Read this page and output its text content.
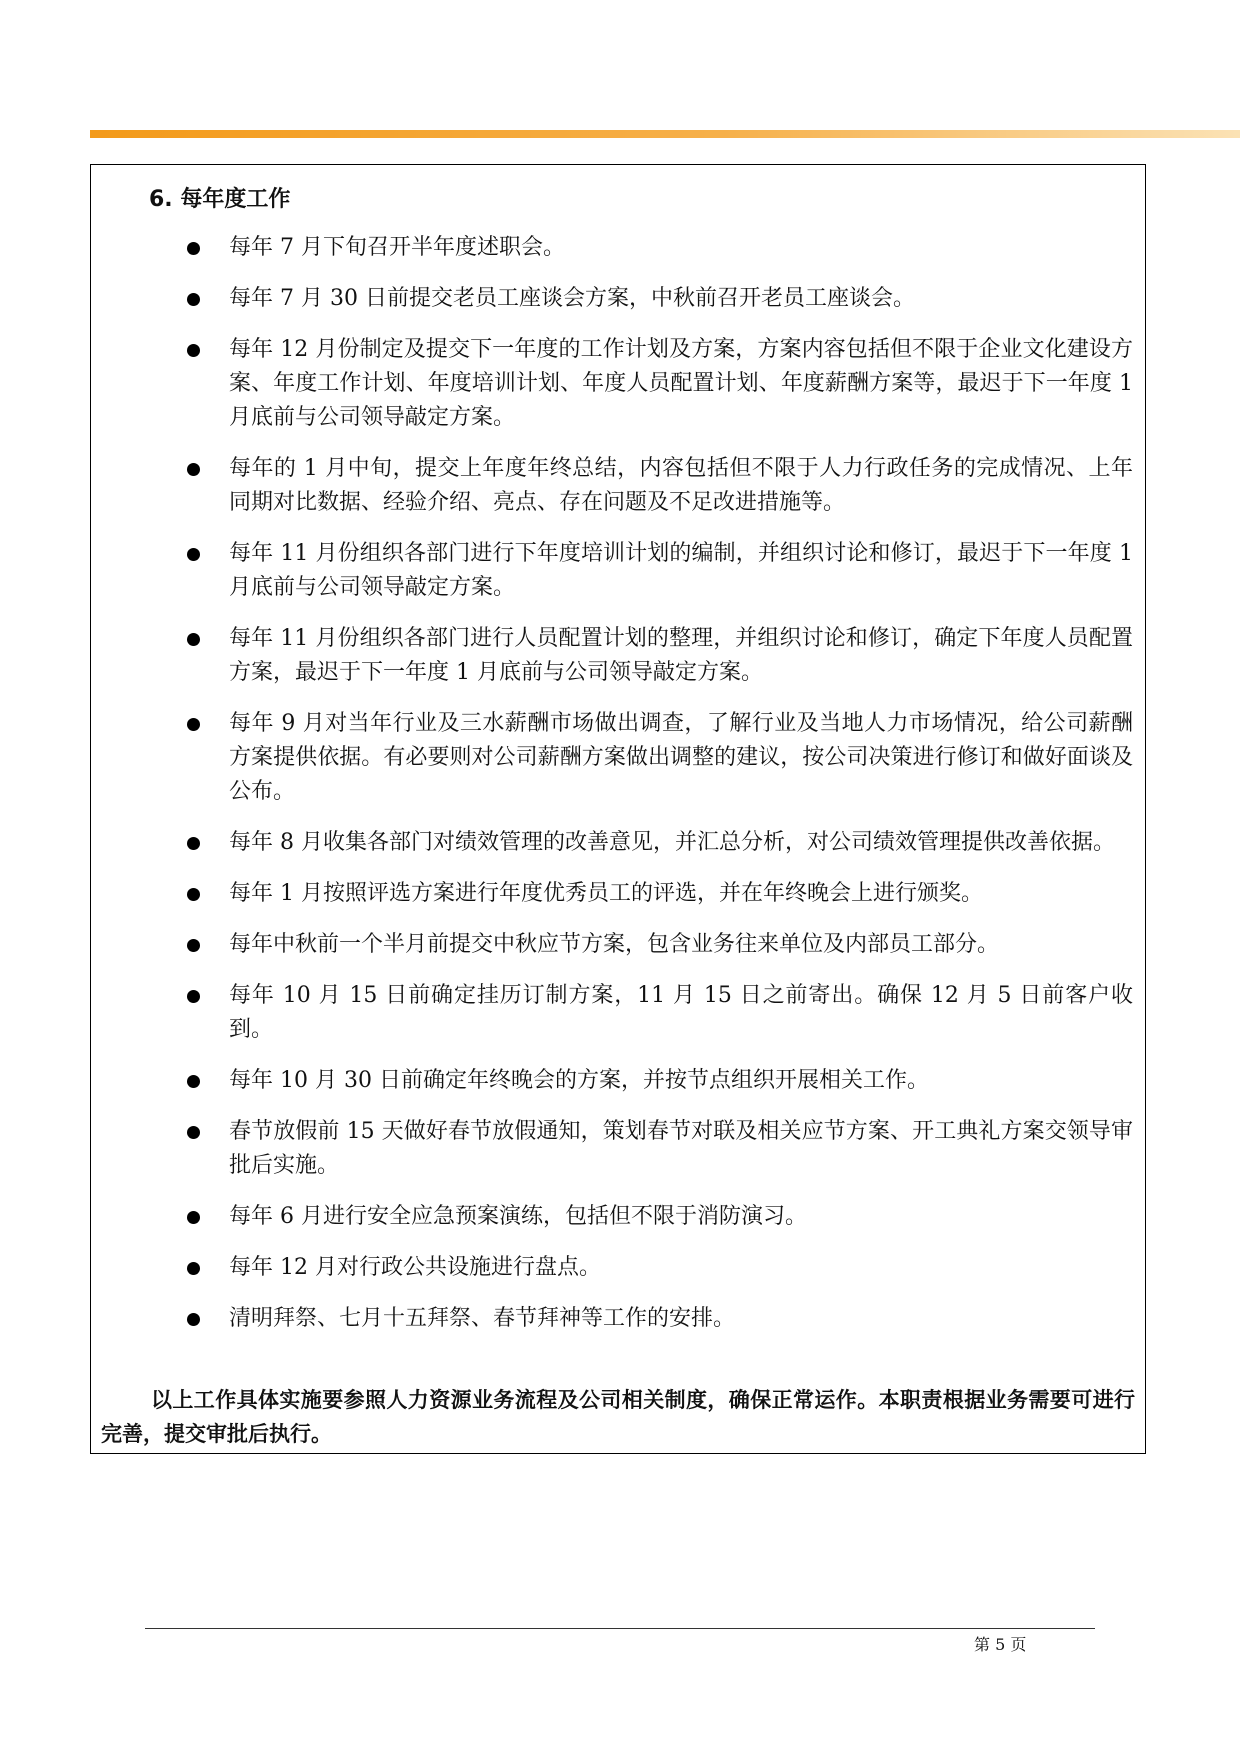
6. 每年度工作
每年 7 月下旬召开半年度述职会。
每年 7 月 30 日前提交老员工座谈会方案，中秋前召开老员工座谈会。
每年 12 月份制定及提交下一年度的工作计划及方案，方案内容包括但不限于企业文化建设方案、年度工作计划、年度培训计划、年度人员配置计划、年度薪酬方案等，最迟于下一年度 1 月底前与公司领导敲定方案。
每年的 1 月中旬，提交上年度年终总结，内容包括但不限于人力行政任务的完成情况、上年同期对比数据、经验介绍、亮点、存在问题及不足改进措施等。
每年 11 月份组织各部门进行下年度培训计划的编制，并组织讨论和修订，最迟于下一年度 1 月底前与公司领导敲定方案。
每年 11 月份组织各部门进行人员配置计划的整理，并组织讨论和修订，确定下年度人员配置方案，最迟于下一年度 1 月底前与公司领导敲定方案。
每年 9 月对当年行业及三水薪酬市场做出调查，了解行业及当地人力市场情况，给公司薪酬方案提供依据。有必要则对公司薪酬方案做出调整的建议，按公司决策进行修订和做好面谈及公布。
每年 8 月收集各部门对绩效管理的改善意见，并汇总分析，对公司绩效管理提供改善依据。
每年 1 月按照评选方案进行年度优秀员工的评选，并在年终晚会上进行颁奖。
每年中秋前一个半月前提交中秋应节方案，包含业务往来单位及内部员工部分。
每年 10 月 15 日前确定挂历订制方案，11 月 15 日之前寄出。确保 12 月 5 日前客户收到。
每年 10 月 30 日前确定年终晚会的方案，并按节点组织开展相关工作。
春节放假前 15 天做好春节放假通知，策划春节对联及相关应节方案、开工典礼方案交领导审批后实施。
每年 6 月进行安全应急预案演练，包括但不限于消防演习。
每年 12 月对行政公共设施进行盘点。
清明拜祭、七月十五拜祭、春节拜神等工作的安排。

以上工作具体实施要参照人力资源业务流程及公司相关制度，确保正常运作。本职责根据业务需要可进行完善，提交审批后执行。

第 5 页
